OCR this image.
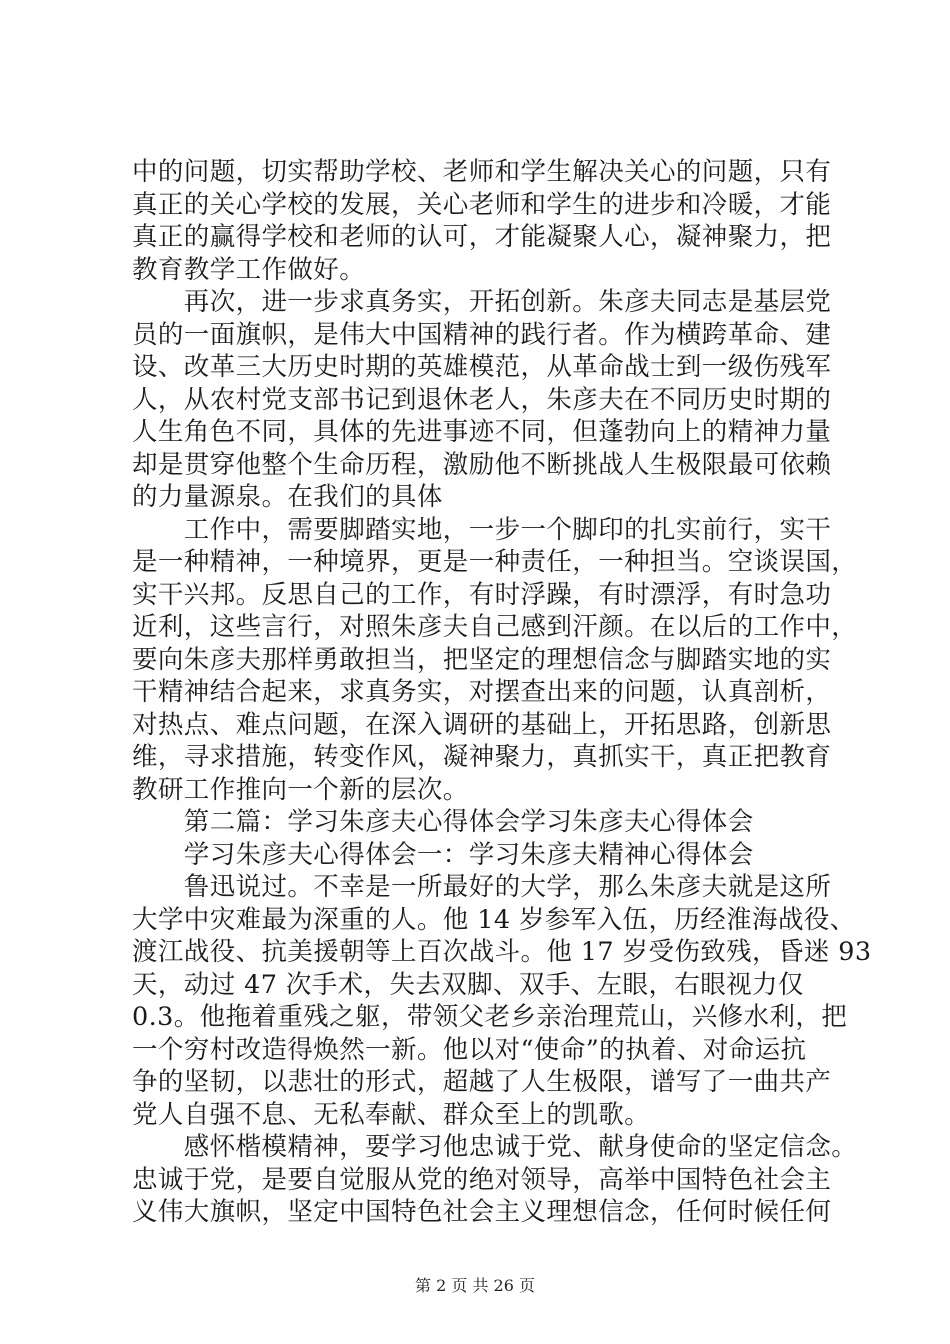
中的问题，切实帮助学校、老师和学生解决关心的问题，只有
真正的关心学校的发展，关心老师和学生的进步和冷暖，才能
真正的赢得学校和老师的认可，才能凝聚人心，凝神聚力，把
教育教学工作做好。
　　再次，进一步求真务实，开拓创新。朱彦夫同志是基层党
员的一面旗帜，是伟大中国精神的践行者。作为横跨革命、建
设、改革三大历史时期的英雄模范，从革命战士到一级伤残军
人，从农村党支部书记到退休老人，朱彦夫在不同历史时期的
人生角色不同，具体的先进事迹不同，但蓬勃向上的精神力量
却是贯穿他整个生命历程，激励他不断挑战人生极限最可依赖
的力量源泉。在我们的具体
　　工作中，需要脚踏实地，一步一个脚印的扎实前行，实干
是一种精神，一种境界，更是一种责任，一种担当。空谈误国，
实干兴邦。反思自己的工作，有时浮躁，有时漂浮，有时急功
近利，这些言行，对照朱彦夫自己感到汗颜。在以后的工作中，
要向朱彦夫那样勇敢担当，把坚定的理想信念与脚踏实地的实
干精神结合起来，求真务实，对摆查出来的问题，认真剖析，
对热点、难点问题，在深入调研的基础上，开拓思路，创新思
维，寻求措施，转变作风，凝神聚力，真抓实干，真正把教育
教研工作推向一个新的层次。
　　第二篇：学习朱彦夫心得体会学习朱彦夫心得体会
　　学习朱彦夫心得体会一：学习朱彦夫精神心得体会
　　鲁迅说过。不幸是一所最好的大学，那么朱彦夫就是这所
大学中灾难最为深重的人。他 14 岁参军入伍，历经淮海战役、
渡江战役、抗美援朝等上百次战斗。他 17 岁受伤致残，昏迷 93
天，动过 47 次手术，失去双脚、双手、左眼，右眼视力仅
0.3。他拖着重残之躯，带领父老乡亲治理荒山，兴修水利，把
一个穷村改造得焕然一新。他以对“使命”的执着、对命运抗
争的坚韧，以悲壮的形式，超越了人生极限，谱写了一曲共产
党人自强不息、无私奉献、群众至上的凯歌。
　　感怀楷模精神，要学习他忠诚于党、献身使命的坚定信念。
忠诚于党，是要自觉服从党的绝对领导，高举中国特色社会主
义伟大旗帜，坚定中国特色社会主义理想信念，任何时候任何
第 2 页 共 26 页
